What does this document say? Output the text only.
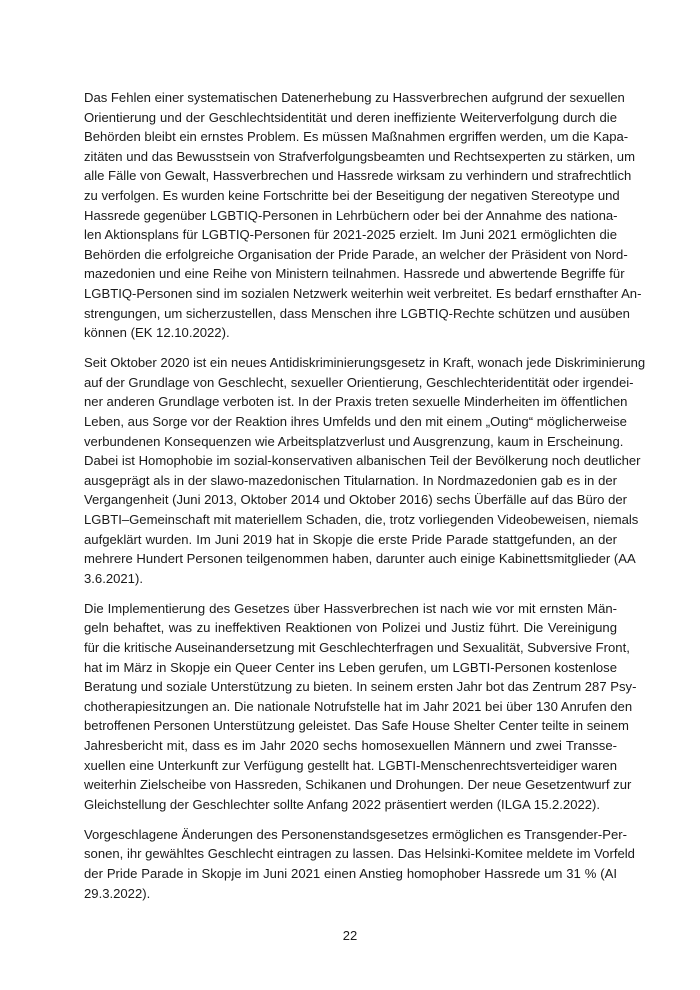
Das Fehlen einer systematischen Datenerhebung zu Hassverbrechen aufgrund der sexuellen
Orientierung und der Geschlechtsidentität und deren ineffiziente Weiterverfolgung durch die
Behörden bleibt ein ernstes Problem. Es müssen Maßnahmen ergriffen werden, um die Kapa-
zitäten und das Bewusstsein von Strafverfolgungsbeamten und Rechtsexperten zu stärken, um
alle Fälle von Gewalt, Hassverbrechen und Hassrede wirksam zu verhindern und strafrechtlich
zu verfolgen. Es wurden keine Fortschritte bei der Beseitigung der negativen Stereotype und
Hassrede gegenüber LGBTIQ-Personen in Lehrbüchern oder bei der Annahme des nationa-
len Aktionsplans für LGBTIQ-Personen für 2021-2025 erzielt. Im Juni 2021 ermöglichten die
Behörden die erfolgreiche Organisation der Pride Parade, an welcher der Präsident von Nord-
mazedonien und eine Reihe von Ministern teilnahmen. Hassrede und abwertende Begriffe für
LGBTIQ-Personen sind im sozialen Netzwerk weiterhin weit verbreitet. Es bedarf ernsthafter An-
strengungen, um sicherzustellen, dass Menschen ihre LGBTIQ-Rechte schützen und ausüben
können (EK 12.10.2022).
Seit Oktober 2020 ist ein neues Antidiskriminierungsgesetz in Kraft, wonach jede Diskriminierung
auf der Grundlage von Geschlecht, sexueller Orientierung, Geschlechteridentität oder irgendei-
ner anderen Grundlage verboten ist. In der Praxis treten sexuelle Minderheiten im öffentlichen
Leben, aus Sorge vor der Reaktion ihres Umfelds und den mit einem „Outing“ möglicherweise
verbundenen Konsequenzen wie Arbeitsplatzverlust und Ausgrenzung, kaum in Erscheinung.
Dabei ist Homophobie im sozial-konservativen albanischen Teil der Bevölkerung noch deutlicher
ausgeprägt als in der slawo-mazedonischen Titularnation. In Nordmazedonien gab es in der
Vergangenheit (Juni 2013, Oktober 2014 und Oktober 2016) sechs Überfälle auf das Büro der
LGBTI–Gemeinschaft mit materiellem Schaden, die, trotz vorliegenden Videobeweisen, niemals
aufgeklärt wurden. Im Juni 2019 hat in Skopje die erste Pride Parade stattgefunden, an der
mehrere Hundert Personen teilgenommen haben, darunter auch einige Kabinettsmitglieder (AA
3.6.2021).
Die Implementierung des Gesetzes über Hassverbrechen ist nach wie vor mit ernsten Män-
geln behaftet, was zu ineffektiven Reaktionen von Polizei und Justiz führt. Die Vereinigung
für die kritische Auseinandersetzung mit Geschlechterfragen und Sexualität, Subversive Front,
hat im März in Skopje ein Queer Center ins Leben gerufen, um LGBTI-Personen kostenlose
Beratung und soziale Unterstützung zu bieten. In seinem ersten Jahr bot das Zentrum 287 Psy-
chotherapiesitzungen an. Die nationale Notrufstelle hat im Jahr 2021 bei über 130 Anrufen den
betroffenen Personen Unterstützung geleistet. Das Safe House Shelter Center teilte in seinem
Jahresbericht mit, dass es im Jahr 2020 sechs homosexuellen Männern und zwei Transse-
xuellen eine Unterkunft zur Verfügung gestellt hat. LGBTI-Menschenrechtsverteidiger waren
weiterhin Zielscheibe von Hassreden, Schikanen und Drohungen. Der neue Gesetzentwurf zur
Gleichstellung der Geschlechter sollte Anfang 2022 präsentiert werden (ILGA 15.2.2022).
Vorgeschlagene Änderungen des Personenstandsgesetzes ermöglichen es Transgender-Per-
sonen, ihr gewähltes Geschlecht eintragen zu lassen. Das Helsinki-Komitee meldete im Vorfeld
der Pride Parade in Skopje im Juni 2021 einen Anstieg homophober Hassrede um 31 % (AI
29.3.2022).
22
